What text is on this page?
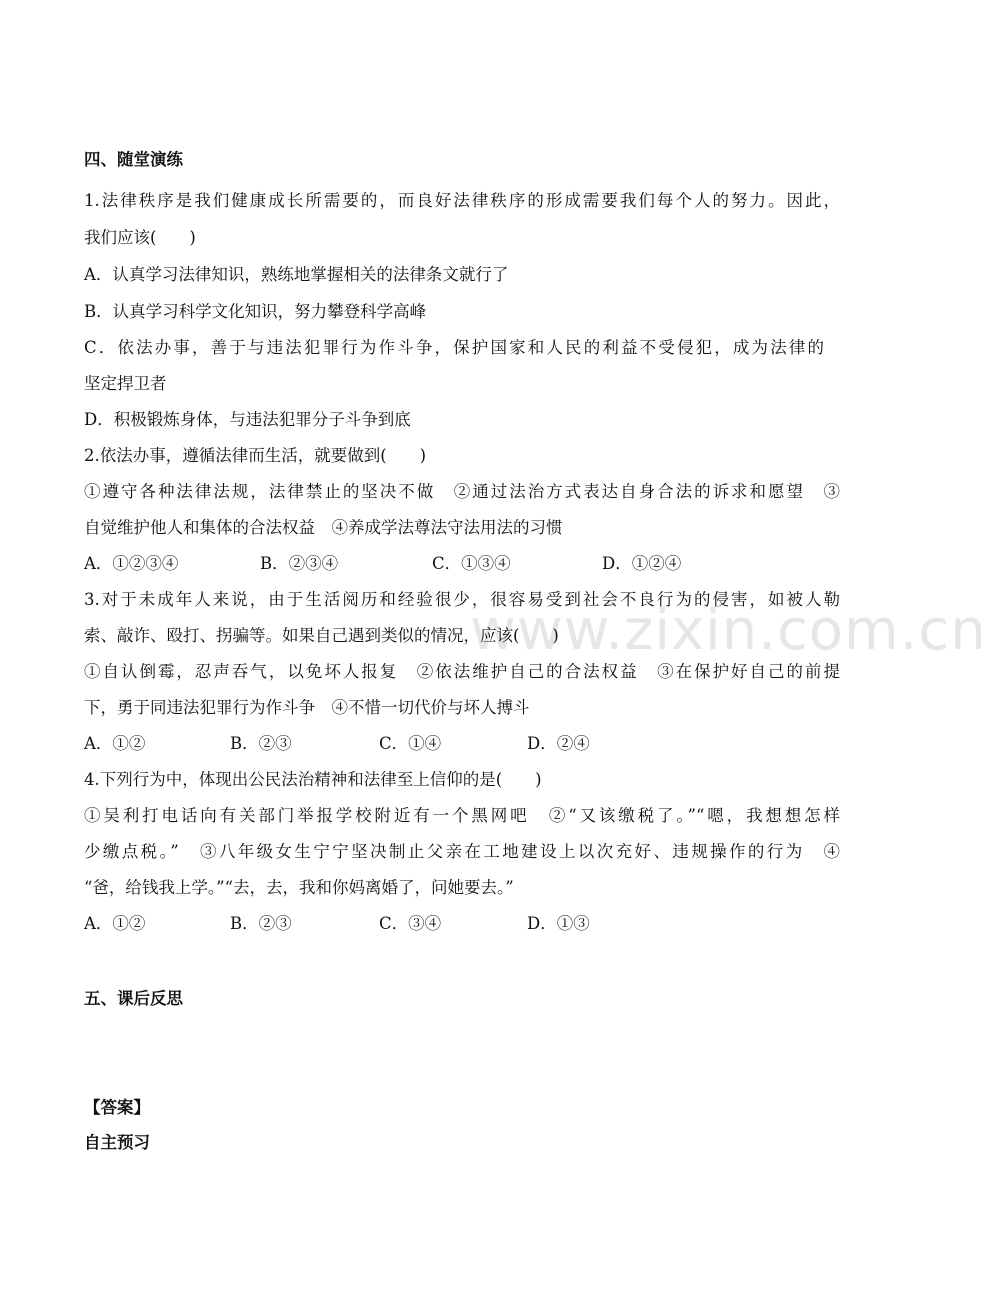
www.zixin.com.cn
四、随堂演练
1.法律秩序是我们健康成长所需要的，而良好法律秩序的形成需要我们每个人的努力。因此，
我们应该(　　)
A．认真学习法律知识，熟练地掌握相关的法律条文就行了
B．认真学习科学文化知识，努力攀登科学高峰
C．依法办事，善于与违法犯罪行为作斗争，保护国家和人民的利益不受侵犯，成为法律的
坚定捍卫者
D．积极锻炼身体，与违法犯罪分子斗争到底
2.依法办事，遵循法律而生活，就要做到(　　)
①遵守各种法律法规，法律禁止的坚决不做　②通过法治方式表达自身合法的诉求和愿望　③
自觉维护他人和集体的合法权益　④养成学法尊法守法用法的习惯
A．①②③④	B．②③④	C．①③④	D．①②④
3.对于未成年人来说，由于生活阅历和经验很少，很容易受到社会不良行为的侵害，如被人勒
索、敲诈、殴打、拐骗等。如果自己遇到类似的情况，应该(　　)
①自认倒霉，忍声吞气，以免坏人报复　②依法维护自己的合法权益　③在保护好自己的前提
下，勇于同违法犯罪行为作斗争　④不惜一切代价与坏人搏斗
A．①②	B．②③	C．①④	D．②④
4.下列行为中，体现出公民法治精神和法律至上信仰的是(　　)
①吴利打电话向有关部门举报学校附近有一个黑网吧　②“又该缴税了。”“嗯，我想想怎样
少缴点税。”　③八年级女生宁宁坚决制止父亲在工地建设上以次充好、违规操作的行为　④
“爸，给钱我上学。”“去，去，我和你妈离婚了，问她要去。”
A．①②	B．②③	C．③④	D．①③
五、课后反思
【答案】
自主预习
